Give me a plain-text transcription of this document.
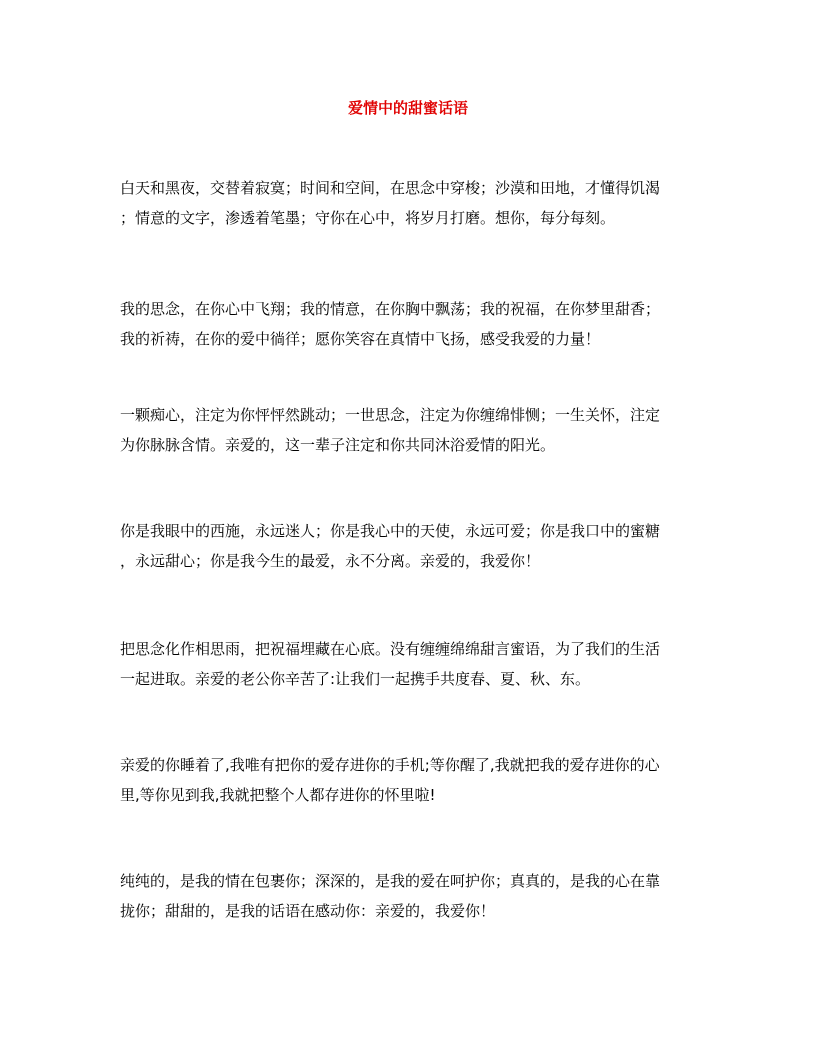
爱情中的甜蜜话语
白天和黑夜，交替着寂寞；时间和空间，在思念中穿梭；沙漠和田地，才懂得饥渴
；情意的文字，渗透着笔墨；守你在心中，将岁月打磨。想你，每分每刻。
我的思念，在你心中飞翔；我的情意，在你胸中飘荡；我的祝福，在你梦里甜香；
我的祈祷，在你的爱中徜徉；愿你笑容在真情中飞扬，感受我爱的力量！
一颗痴心，注定为你怦怦然跳动；一世思念，注定为你缠绵悱恻；一生关怀，注定
为你脉脉含情。亲爱的，这一辈子注定和你共同沐浴爱情的阳光。
你是我眼中的西施，永远迷人；你是我心中的天使，永远可爱；你是我口中的蜜糖
，永远甜心；你是我今生的最爱，永不分离。亲爱的，我爱你！
把思念化作相思雨，把祝福埋藏在心底。没有缠缠绵绵甜言蜜语，为了我们的生活
一起进取。亲爱的老公你辛苦了:让我们一起携手共度春、夏、秋、东。
亲爱的你睡着了,我唯有把你的爱存进你的手机;等你醒了,我就把我的爱存进你的心
里,等你见到我,我就把整个人都存进你的怀里啦!
纯纯的，是我的情在包裹你；深深的，是我的爱在呵护你；真真的，是我的心在靠
拢你；甜甜的，是我的话语在感动你：亲爱的，我爱你！
